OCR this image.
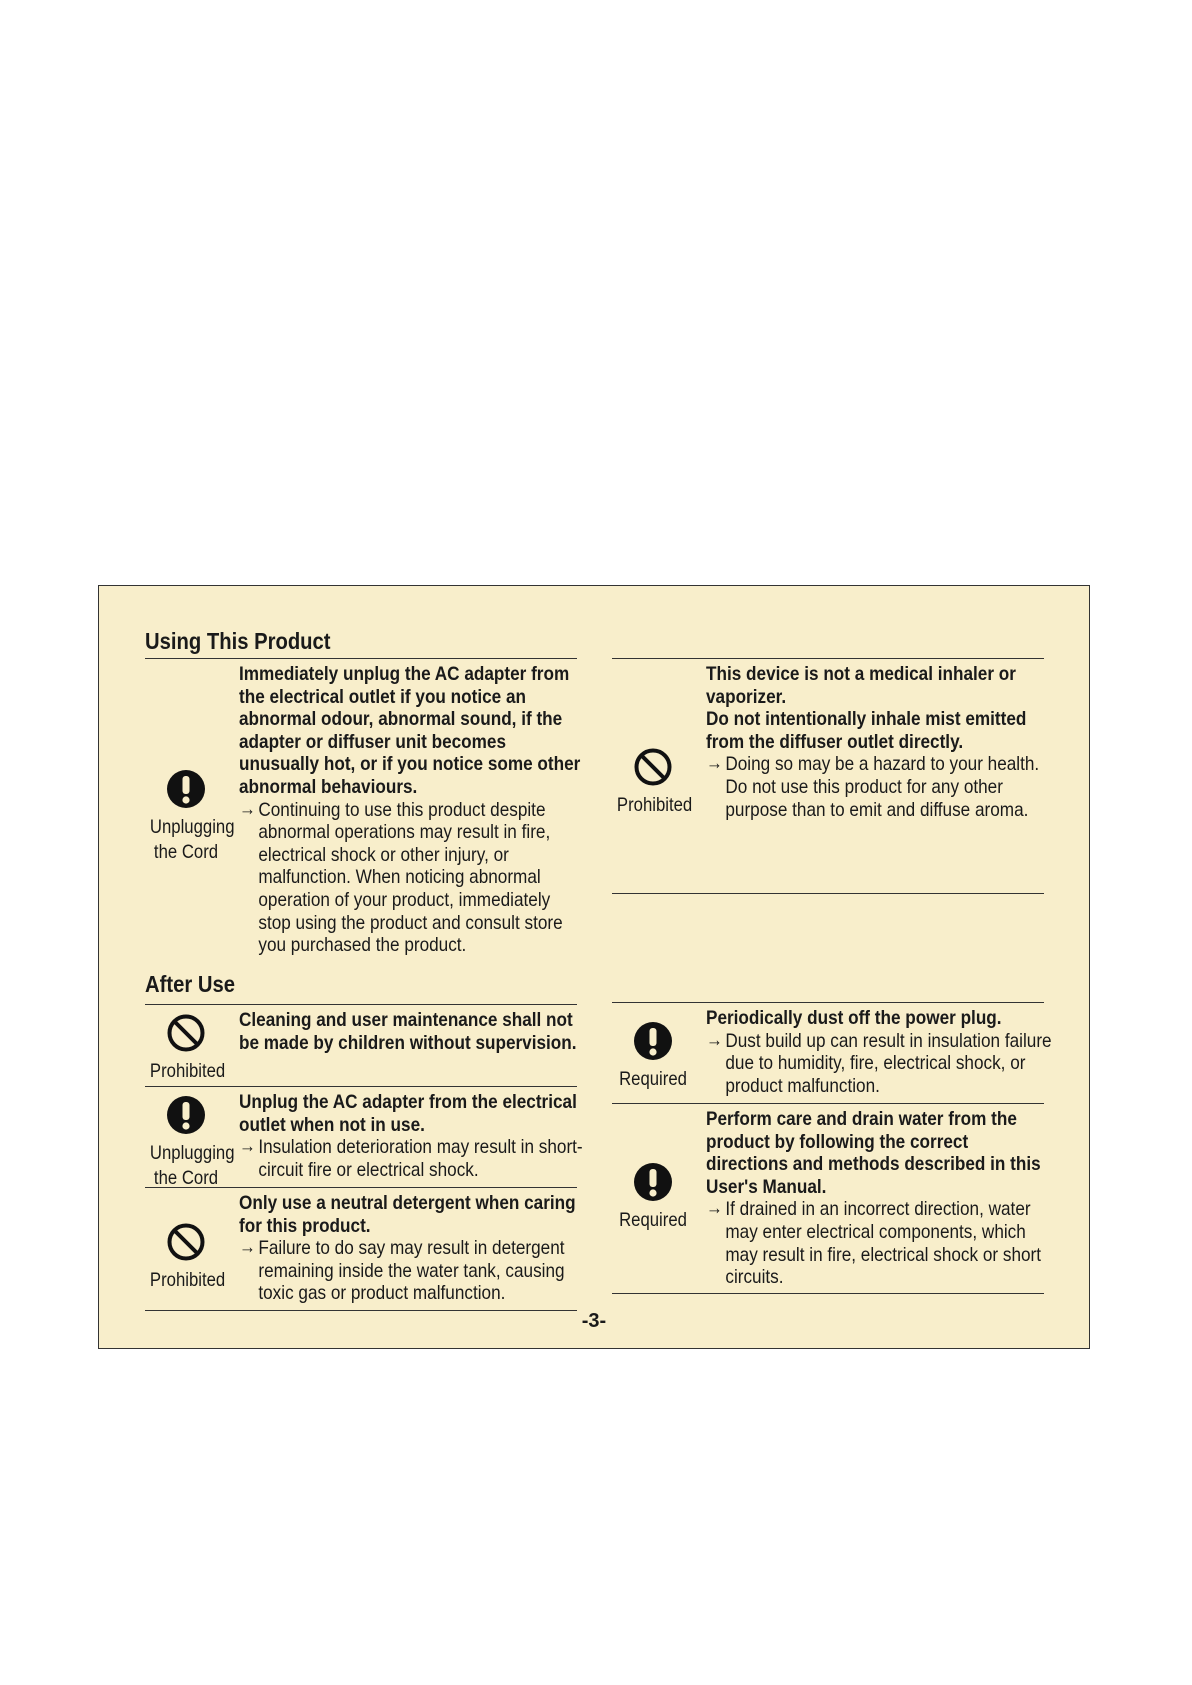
Using This Product
Unplugging
the Cord
Immediately unplug the AC adapter from the electrical outlet if you notice an abnormal odour, abnormal sound, if the adapter or diffuser unit becomes unusually hot, or if you notice some other abnormal behaviours.
→ Continuing to use this product despite abnormal operations may result in fire, electrical shock or other injury, or malfunction. When noticing abnormal operation of your product, immediately stop using the product and consult store you purchased the product.
After Use
Prohibited
Cleaning and user maintenance shall not be made by children without supervision.
Unplugging
the Cord
Unplug the AC adapter from the electrical outlet when not in use.
→ Insulation deterioration may result in short-circuit fire or electrical shock.
Prohibited
Only use a neutral detergent when caring for this product.
→ Failure to do say may result in detergent remaining inside the water tank, causing toxic gas or product malfunction.
Prohibited
This device is not a medical inhaler or vaporizer.
Do not intentionally inhale mist emitted from the diffuser outlet directly.
→ Doing so may be a hazard to your health.
Do not use this product for any other purpose than to emit and diffuse aroma.
Required
Periodically dust off the power plug.
→ Dust build up can result in insulation failure due to humidity, fire, electrical shock, or product malfunction.
Required
Perform care and drain water from the product by following the correct directions and methods described in this User's Manual.
→ If drained in an incorrect direction, water may enter electrical components, which may result in fire, electrical shock or short circuits.
-3-
